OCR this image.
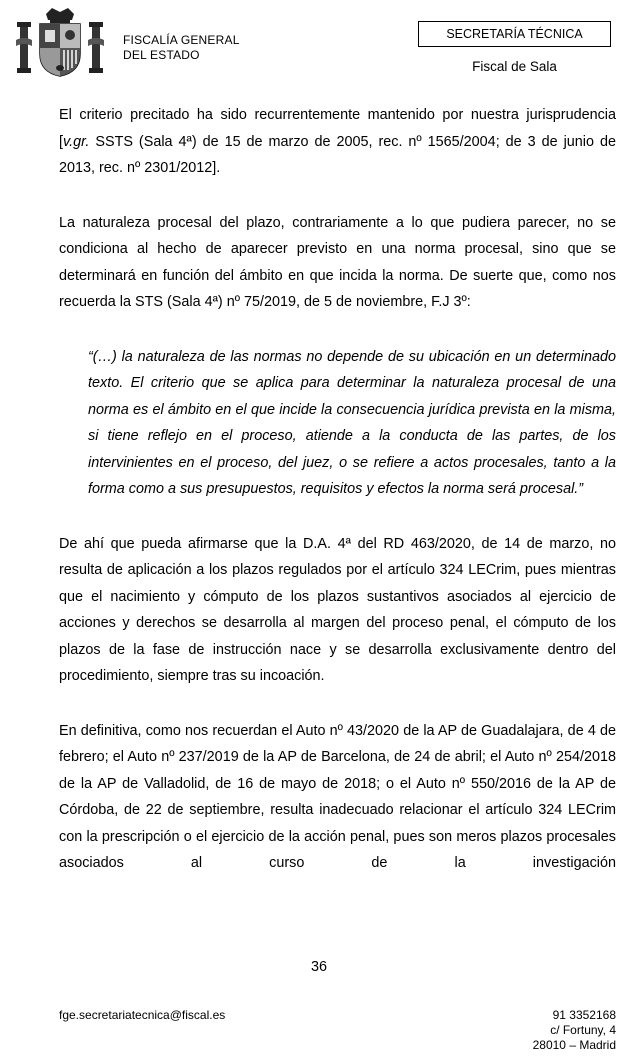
FISCALÍA GENERAL
DEL ESTADO
SECRETARÍA TÉCNICA
Fiscal de Sala

El criterio precitado ha sido recurrentemente mantenido por nuestra jurisprudencia [v.gr. SSTS (Sala 4ª) de 15 de marzo de 2005, rec. nº 1565/2004; de 3 de junio de 2013, rec. nº 2301/2012].

La naturaleza procesal del plazo, contrariamente a lo que pudiera parecer, no se condiciona al hecho de aparecer previsto en una norma procesal, sino que se determinará en función del ámbito en que incida la norma. De suerte que, como nos recuerda la STS (Sala 4ª) nº 75/2019, de 5 de noviembre, F.J 3º:

“(…) la naturaleza de las normas no depende de su ubicación en un determinado texto. El criterio que se aplica para determinar la naturaleza procesal de una norma es el ámbito en el que incide la consecuencia jurídica prevista en la misma, si tiene reflejo en el proceso, atiende a la conducta de las partes, de los intervinientes en el proceso, del juez, o se refiere a actos procesales, tanto a la forma como a sus presupuestos, requisitos y efectos la norma será procesal.”

De ahí que pueda afirmarse que la D.A. 4ª del RD 463/2020, de 14 de marzo, no resulta de aplicación a los plazos regulados por el artículo 324 LECrim, pues mientras que el nacimiento y cómputo de los plazos sustantivos asociados al ejercicio de acciones y derechos se desarrolla al margen del proceso penal, el cómputo de los plazos de la fase de instrucción nace y se desarrolla exclusivamente dentro del procedimiento, siempre tras su incoación.

En definitiva, como nos recuerdan el Auto nº 43/2020 de la AP de Guadalajara, de 4 de febrero; el Auto nº 237/2019 de la AP de Barcelona, de 24 de abril; el Auto nº 254/2018 de la AP de Valladolid, de 16 de mayo de 2018; o el Auto nº 550/2016 de la AP de Córdoba, de 22 de septiembre, resulta inadecuado relacionar el artículo 324 LECrim con la prescripción o el ejercicio de la acción penal, pues son meros plazos procesales asociados al curso de la investigación

36
fge.secretariatecnica@fiscal.es	91 3352168
c/ Fortuny, 4
28010 – Madrid
